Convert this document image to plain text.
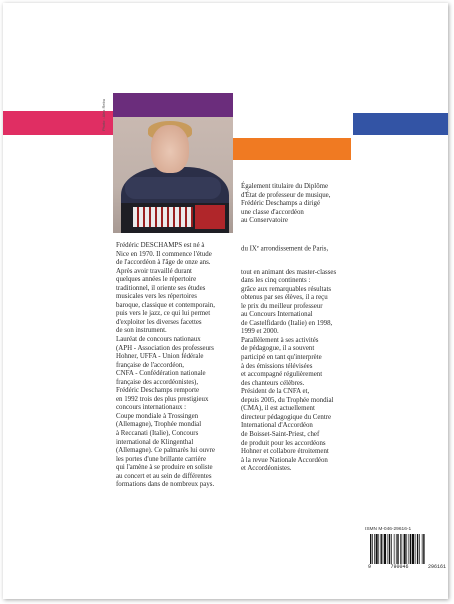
Photo : Alex Rebu
Frédéric DESCHAMPS est né à
Nice en 1970. Il commence l'étude
de l'accordéon à l'âge de onze ans.
Après avoir travaillé durant
quelques années le répertoire
traditionnel, il oriente ses études
musicales vers les répertoires
baroque, classique et contemporain,
puis vers le jazz, ce qui lui permet
d'exploiter les diverses facettes
de son instrument.
Lauréat de concours nationaux
(APH - Association des professeurs
Hohner, UFFA - Union fédérale
française de l'accordéon,
CNFA - Confédération nationale
française des accordéonistes),
Frédéric Deschamps remporte
en 1992 trois des plus prestigieux
concours internationaux :
Coupe mondiale à Trossingen
(Allemagne), Trophée mondial
à Reccanati (Italie), Concours
international de Klingenthal
(Allemagne). Ce palmarès lui ouvre
les portes d'une brillante carrière
qui l'amène à se produire en soliste
au concert et au sein de différentes
formations dans de nombreux pays.

Également titulaire du Diplôme
d'État de professeur de musique,
Frédéric Deschamps a dirigé
une classe d'accordéon
au Conservatoire

du IXe arrondissement de Paris,

tout en animant des master-classes
dans les cinq continents :
grâce aux remarquables résultats
obtenus par ses élèves, il a reçu
le prix du meilleur professeur
au Concours International
de Castelfidardo (Italie) en 1998,
1999 et 2000.
Parallèlement à ses activités
de pédagogue, il a souvent
participé en tant qu'interprète
à des émissions télévisées
et accompagné régulièrement
des chanteurs célèbres.
Président de la CNFA et,
depuis 2005, du Trophée mondial
(CMA), il est actuellement
directeur pédagogique du Centre
International d'Accordéon
de Boisset-Saint-Priest, chef
de produit pour les accordéons
Hohner et collabore étroitement
à la revue Nationale Accordéon
et Accordéonistes.

ISMN M-046-29616-1
9	790046	296161
